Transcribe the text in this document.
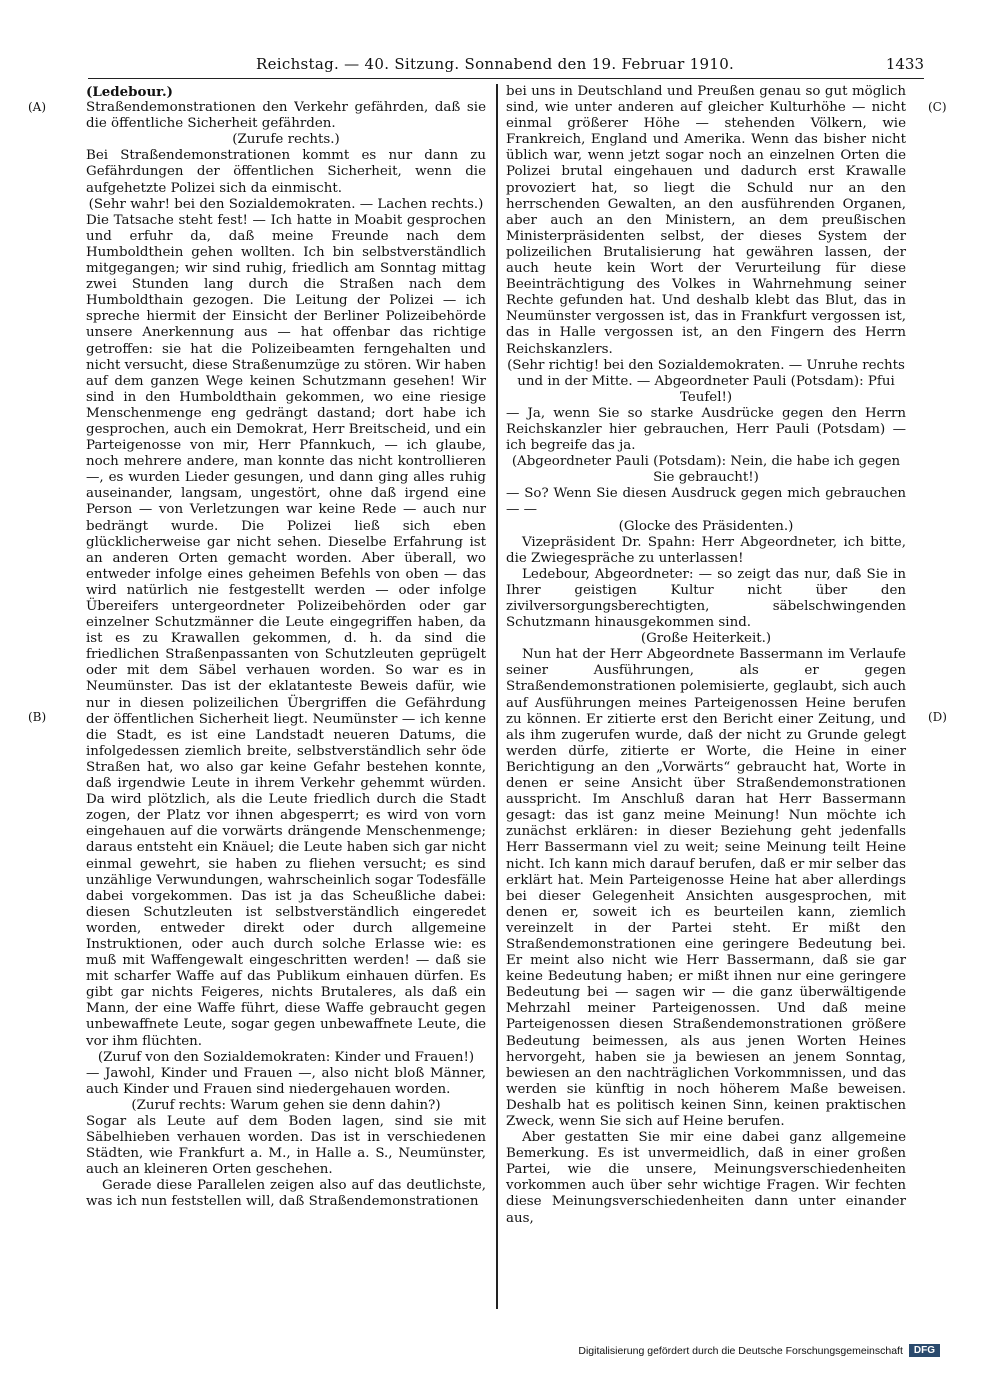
Reichstag. — 40. Sitzung. Sonnabend den 19. Februar 1910.	1433
(A)
(B)
(C)
(D)

(Ledebour.)

Straßendemonstrationen den Verkehr gefährden, daß sie die öffentliche Sicherheit gefährden.

(Zurufe rechts.)

Bei Straßendemonstrationen kommt es nur dann zu Gefährdungen der öffentlichen Sicherheit, wenn die aufgehetzte Polizei sich da einmischt.

(Sehr wahr! bei den Sozialdemokraten. — Lachen rechts.)

Die Tatsache steht fest! — Ich hatte in Moabit gesprochen und erfuhr da, daß meine Freunde nach dem Humboldthein gehen wollten. Ich bin selbstverständlich mitgegangen; wir sind ruhig, friedlich am Sonntag mittag zwei Stunden lang durch die Straßen nach dem Humboldthain gezogen. Die Leitung der Polizei — ich spreche hiermit der Einsicht der Berliner Polizeibehörde unsere Anerkennung aus — hat offenbar das richtige getroffen: sie hat die Polizeibeamten ferngehalten und nicht versucht, diese Straßenumzüge zu stören. Wir haben auf dem ganzen Wege keinen Schutzmann gesehen! Wir sind in den Humboldthain gekommen, wo eine riesige Menschenmenge eng gedrängt dastand; dort habe ich gesprochen, auch ein Demokrat, Herr Breitscheid, und ein Parteigenosse von mir, Herr Pfannkuch, — ich glaube, noch mehrere andere, man konnte das nicht kontrollieren —, es wurden Lieder gesungen, und dann ging alles ruhig auseinander, langsam, ungestört, ohne daß irgend eine Person — von Verletzungen war keine Rede — auch nur bedrängt wurde. Die Polizei ließ sich eben glücklicherweise gar nicht sehen. Dieselbe Erfahrung ist an anderen Orten gemacht worden. Aber überall, wo entweder infolge eines geheimen Befehls von oben — das wird natürlich nie festgestellt werden — oder infolge Übereifers untergeordneter Polizeibehörden oder gar einzelner Schutzmänner die Leute eingegriffen haben, da ist es zu Krawallen gekommen, d. h. da sind die friedlichen Straßenpassanten von Schutzleuten geprügelt oder mit dem Säbel verhauen worden. So war es in Neumünster. Das ist der eklatanteste Beweis dafür, wie nur in diesen polizeilichen Übergriffen die Gefährdung der öffentlichen Sicherheit liegt. Neumünster — ich kenne die Stadt, es ist eine Landstadt neueren Datums, die infolgedessen ziemlich breite, selbstverständlich sehr öde Straßen hat, wo also gar keine Gefahr bestehen konnte, daß irgendwie Leute in ihrem Verkehr gehemmt würden. Da wird plötzlich, als die Leute friedlich durch die Stadt zogen, der Platz vor ihnen abgesperrt; es wird von vorn eingehauen auf die vorwärts drängende Menschenmenge; daraus entsteht ein Knäuel; die Leute haben sich gar nicht einmal gewehrt, sie haben zu fliehen versucht; es sind unzählige Verwundungen, wahrscheinlich sogar Todesfälle dabei vorgekommen. Das ist ja das Scheußliche dabei: diesen Schutzleuten ist selbstverständlich eingeredet worden, entweder direkt oder durch allgemeine Instruktionen, oder auch durch solche Erlasse wie: es muß mit Waffengewalt eingeschritten werden! — daß sie mit scharfer Waffe auf das Publikum einhauen dürfen. Es gibt gar nichts Feigeres, nichts Brutaleres, als daß ein Mann, der eine Waffe führt, diese Waffe gebraucht gegen unbewaffnete Leute, sogar gegen unbewaffnete Leute, die vor ihm flüchten.

(Zuruf von den Sozialdemokraten: Kinder und Frauen!)

— Jawohl, Kinder und Frauen —, also nicht bloß Männer, auch Kinder und Frauen sind niedergehauen worden.

(Zuruf rechts: Warum gehen sie denn dahin?)

Sogar als Leute auf dem Boden lagen, sind sie mit Säbelhieben verhauen worden. Das ist in verschiedenen Städten, wie Frankfurt a. M., in Halle a. S., Neumünster, auch an kleineren Orten geschehen.

Gerade diese Parallelen zeigen also auf das deutlichste, was ich nun feststellen will, daß Straßendemonstrationen

bei uns in Deutschland und Preußen genau so gut möglich sind, wie unter anderen auf gleicher Kulturhöhe — nicht einmal größerer Höhe — stehenden Völkern, wie Frankreich, England und Amerika. Wenn das bisher nicht üblich war, wenn jetzt sogar noch an einzelnen Orten die Polizei brutal eingehauen und dadurch erst Krawalle provoziert hat, so liegt die Schuld nur an den herrschenden Gewalten, an den ausführenden Organen, aber auch an den Ministern, an dem preußischen Ministerpräsidenten selbst, der dieses System der polizeilichen Brutalisierung hat gewähren lassen, der auch heute kein Wort der Verurteilung für diese Beeinträchtigung des Volkes in Wahrnehmung seiner Rechte gefunden hat. Und deshalb klebt das Blut, das in Neumünster vergossen ist, das in Frankfurt vergossen ist, das in Halle vergossen ist, an den Fingern des Herrn Reichskanzlers.

(Sehr richtig! bei den Sozialdemokraten. — Unruhe rechts und in der Mitte. — Abgeordneter Pauli (Potsdam): Pfui Teufel!)

— Ja, wenn Sie so starke Ausdrücke gegen den Herrn Reichskanzler hier gebrauchen, Herr Pauli (Potsdam) — ich begreife das ja.

(Abgeordneter Pauli (Potsdam): Nein, die habe ich gegen Sie gebraucht!)

— So? Wenn Sie diesen Ausdruck gegen mich gebrauchen — —

(Glocke des Präsidenten.)

Vizepräsident Dr. Spahn: Herr Abgeordneter, ich bitte, die Zwiegespräche zu unterlassen!

Ledebour, Abgeordneter: — so zeigt das nur, daß Sie in Ihrer geistigen Kultur nicht über den zivilversorgungsberechtigten, säbelschwingenden Schutzmann hinausgekommen sind.

(Große Heiterkeit.)

Nun hat der Herr Abgeordnete Bassermann im Verlaufe seiner Ausführungen, als er gegen Straßendemonstrationen polemisierte, geglaubt, sich auch auf Ausführungen meines Parteigenossen Heine berufen zu können. Er zitierte erst den Bericht einer Zeitung, und als ihm zugerufen wurde, daß der nicht zu Grunde gelegt werden dürfe, zitierte er Worte, die Heine in einer Berichtigung an den „Vorwärts“ gebraucht hat, Worte in denen er seine Ansicht über Straßendemonstrationen ausspricht. Im Anschluß daran hat Herr Bassermann gesagt: das ist ganz meine Meinung! Nun möchte ich zunächst erklären: in dieser Beziehung geht jedenfalls Herr Bassermann viel zu weit; seine Meinung teilt Heine nicht. Ich kann mich darauf berufen, daß er mir selber das erklärt hat. Mein Parteigenosse Heine hat aber allerdings bei dieser Gelegenheit Ansichten ausgesprochen, mit denen er, soweit ich es beurteilen kann, ziemlich vereinzelt in der Partei steht. Er mißt den Straßendemonstrationen eine geringere Bedeutung bei. Er meint also nicht wie Herr Bassermann, daß sie gar keine Bedeutung haben; er mißt ihnen nur eine geringere Bedeutung bei — sagen wir — die ganz überwältigende Mehrzahl meiner Parteigenossen. Und daß meine Parteigenossen diesen Straßendemonstrationen größere Bedeutung beimessen, als aus jenen Worten Heines hervorgeht, haben sie ja bewiesen an jenem Sonntag, bewiesen an den nachträglichen Vorkommnissen, und das werden sie künftig in noch höherem Maße beweisen. Deshalb hat es politisch keinen Sinn, keinen praktischen Zweck, wenn Sie sich auf Heine berufen.

Aber gestatten Sie mir eine dabei ganz allgemeine Bemerkung. Es ist unvermeidlich, daß in einer großen Partei, wie die unsere, Meinungsverschiedenheiten vorkommen auch über sehr wichtige Fragen. Wir fechten diese Meinungsverschiedenheiten dann unter einander aus,

Digitalisierung gefördert durch die Deutsche Forschungsgemeinschaft	DFG
